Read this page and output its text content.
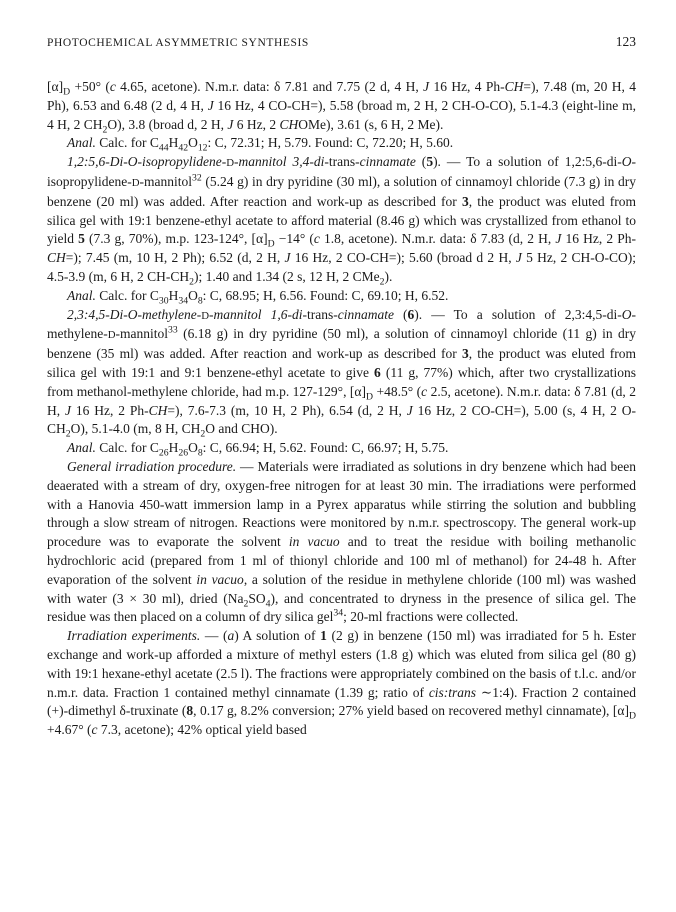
PHOTOCHEMICAL ASYMMETRIC SYNTHESIS	123

$[\alpha]_D +50^\circ$ (c 4.65, acetone). N.m.r. data: δ 7.81 and 7.75 (2 d, 4 H, J 16 Hz, 4 Ph-CH=), 7.48 (m, 20 H, 4 Ph), 6.53 and 6.48 (2 d, 4 H, J 16 Hz, 4 CO-CH=), 5.58 (broad m, 2 H, 2 CH-O-CO), 5.1-4.3 (eight-line m, 4 H, 2 $CH_2O$), 3.8 (broad d, 2 H, J 6 Hz, 2 CHOMe), 3.61 (s, 6 H, 2 Me).

Anal. Calc. for $C_{44}H_{42}O_{12}$: C, 72.31; H, 5.79. Found: C, 72.20; H, 5.60.

1,2:5,6-Di-O-isopropylidene-D-mannitol 3,4-di-trans-cinnamate (5). — To a solution of 1,2:5,6-di-O-isopropylidene-D-mannitol$^{32}$ (5.24 g) in dry pyridine (30 ml), a solution of cinnamoyl chloride (7.3 g) in dry benzene (20 ml) was added. After reaction and work-up as described for 3, the product was eluted from silica gel with 19:1 benzene-ethyl acetate to afford material (8.46 g) which was crystallized from ethanol to yield 5 (7.3 g, 70%), m.p. 123-124°, $[\alpha]_D -14^\circ$ (c 1.8, acetone). N.m.r. data: δ 7.83 (d, 2 H, J 16 Hz, 2 Ph-CH=); 7.45 (m, 10 H, 2 Ph); 6.52 (d, 2 H, J 16 Hz, 2 CO-CH=); 5.60 (broad d 2 H, J 5 Hz, 2 CH-O-CO); 4.5-3.9 (m, 6 H, 2 $CH-CH_2$); 1.40 and 1.34 (2 s, 12 H, 2 CMe$_2$).

Anal. Calc. for $C_{30}H_{34}O_8$: C, 68.95; H, 6.56. Found: C, 69.10; H, 6.52.

2,3:4,5-Di-O-methylene-D-mannitol 1,6-di-trans-cinnamate (6). — To a solution of 2,3:4,5-di-O-methylene-D-mannitol$^{33}$ (6.18 g) in dry pyridine (50 ml), a solution of cinnamoyl chloride (11 g) in dry benzene (35 ml) was added. After reaction and work-up as described for 3, the product was eluted from silica gel with 19:1 and 9:1 benzene-ethyl acetate to give 6 (11 g, 77%) which, after two crystallizations from methanol-methylene chloride, had m.p. 127-129°, $[\alpha]_D +48.5^\circ$ (c 2.5, acetone). N.m.r. data: δ 7.81 (d, 2 H, J 16 Hz, 2 Ph-CH=), 7.6-7.3 (m, 10 H, 2 Ph), 6.54 (d, 2 H, J 16 Hz, 2 CO-CH=), 5.00 (s, 4 H, 2 $O-CH_2O$), 5.1-4.0 (m, 8 H, $CH_2O$ and CHO).

Anal. Calc. for $C_{26}H_{26}O_8$: C, 66.94; H, 5.62. Found: C, 66.97; H, 5.75.

General irradiation procedure. — Materials were irradiated as solutions in dry benzene which had been deaerated with a stream of dry, oxygen-free nitrogen for at least 30 min. The irradiations were performed with a Hanovia 450-watt immersion lamp in a Pyrex apparatus while stirring the solution and bubbling through a slow stream of nitrogen. Reactions were monitored by n.m.r. spectroscopy. The general work-up procedure was to evaporate the solvent in vacuo and to treat the residue with boiling methanolic hydrochloric acid (prepared from 1 ml of thionyl chloride and 100 ml of methanol) for 24-48 h. After evaporation of the solvent in vacuo, a solution of the residue in methylene chloride (100 ml) was washed with water (3 × 30 ml), dried $(Na_2SO_4)$, and concentrated to dryness in the presence of silica gel. The residue was then placed on a column of dry silica gel$^{34}$; 20-ml fractions were collected.

Irradiation experiments. — (a) A solution of 1 (2 g) in benzene (150 ml) was irradiated for 5 h. Ester exchange and work-up afforded a mixture of methyl esters (1.8 g) which was eluted from silica gel (80 g) with 19:1 hexane-ethyl acetate (2.5 l). The fractions were appropriately combined on the basis of t.l.c. and/or n.m.r. data. Fraction 1 contained methyl cinnamate (1.39 g; ratio of cis:trans ∼1:4). Fraction 2 contained (+)-dimethyl δ-truxinate (8, 0.17 g, 8.2% conversion; 27% yield based on recovered methyl cinnamate), $[\alpha]_D +4.67^\circ$ (c 7.3, acetone); 42% optical yield based
